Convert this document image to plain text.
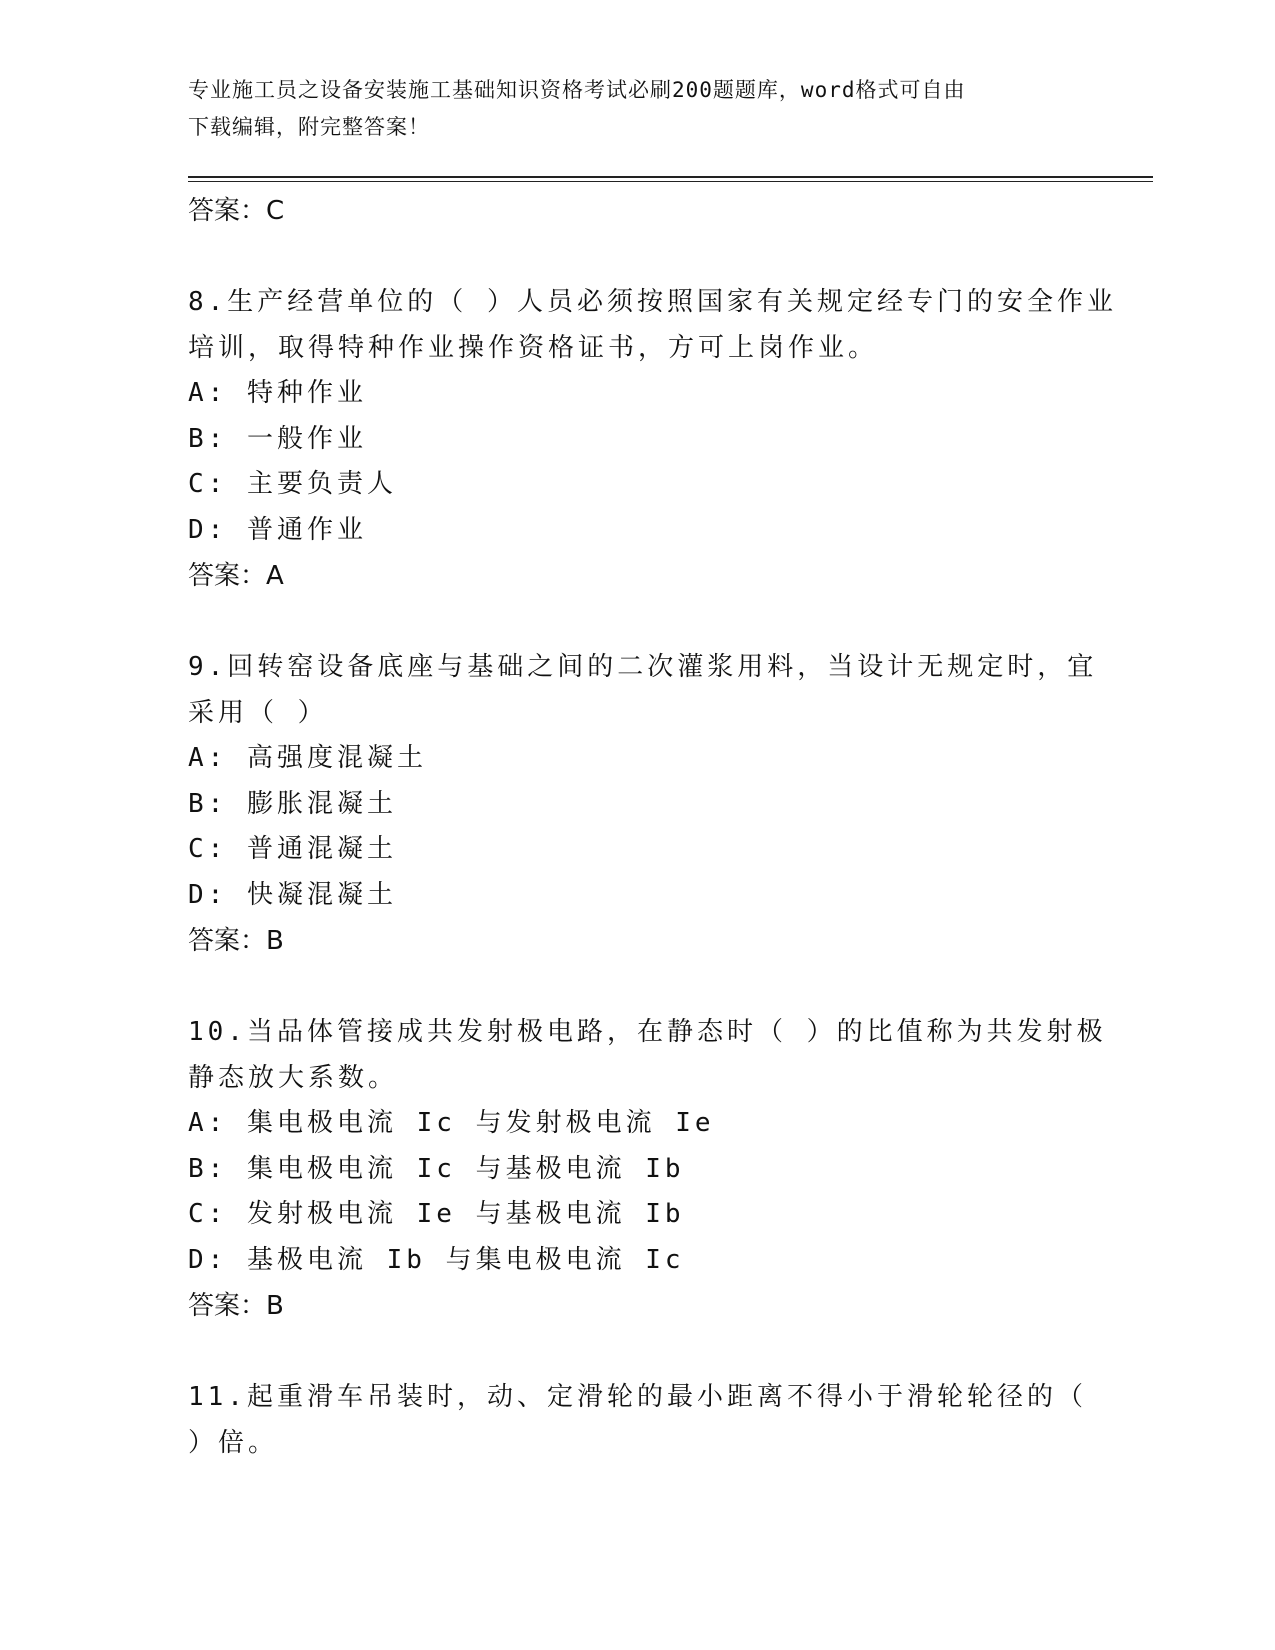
专业施工员之设备安装施工基础知识资格考试必刷200题题库，word格式可自由
下载编辑，附完整答案！
答案：C
8.生产经营单位的（ ）人员必须按照国家有关规定经专门的安全作业
培训，取得特种作业操作资格证书，方可上岗作业。
A: 特种作业
B: 一般作业
C: 主要负责人
D: 普通作业
答案：A
9.回转窑设备底座与基础之间的二次灌浆用料，当设计无规定时，宜
采用（ ）
A: 高强度混凝土
B: 膨胀混凝土
C: 普通混凝土
D: 快凝混凝土
答案：B
10.当品体管接成共发射极电路，在静态时（ ）的比值称为共发射极
静态放大系数。
A: 集电极电流 Ic 与发射极电流 Ie
B: 集电极电流 Ic 与基极电流 Ib
C: 发射极电流 Ie 与基极电流 Ib
D: 基极电流 Ib 与集电极电流 Ic
答案：B
11.起重滑车吊装时，动、定滑轮的最小距离不得小于滑轮轮径的（
）倍。
